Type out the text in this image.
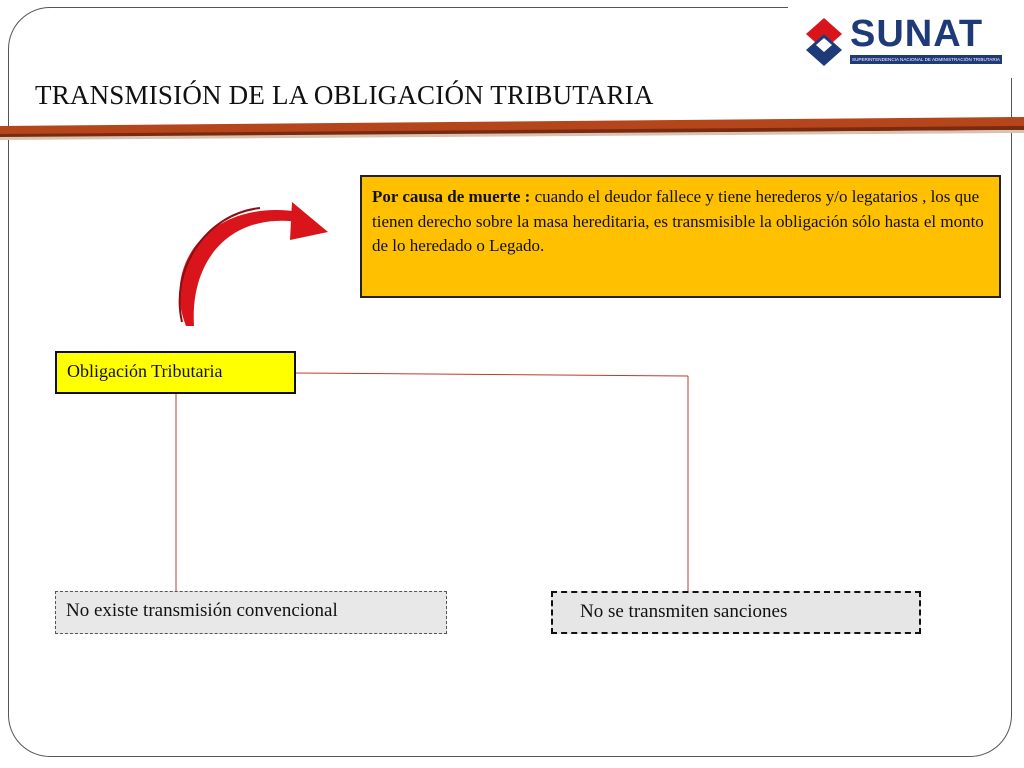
SUNAT
SUPERINTENDENCIA NACIONAL DE ADMINISTRACIÓN TRIBUTARIA
TRANSMISIÓN DE LA OBLIGACIÓN TRIBUTARIA
Por causa de muerte : cuando el deudor fallece y tiene herederos y/o legatarios , los que tienen derecho sobre la masa hereditaria, es transmisible la obligación sólo hasta el monto de lo heredado o Legado.
Obligación Tributaria
No existe transmisión convencional	No se transmiten sanciones
